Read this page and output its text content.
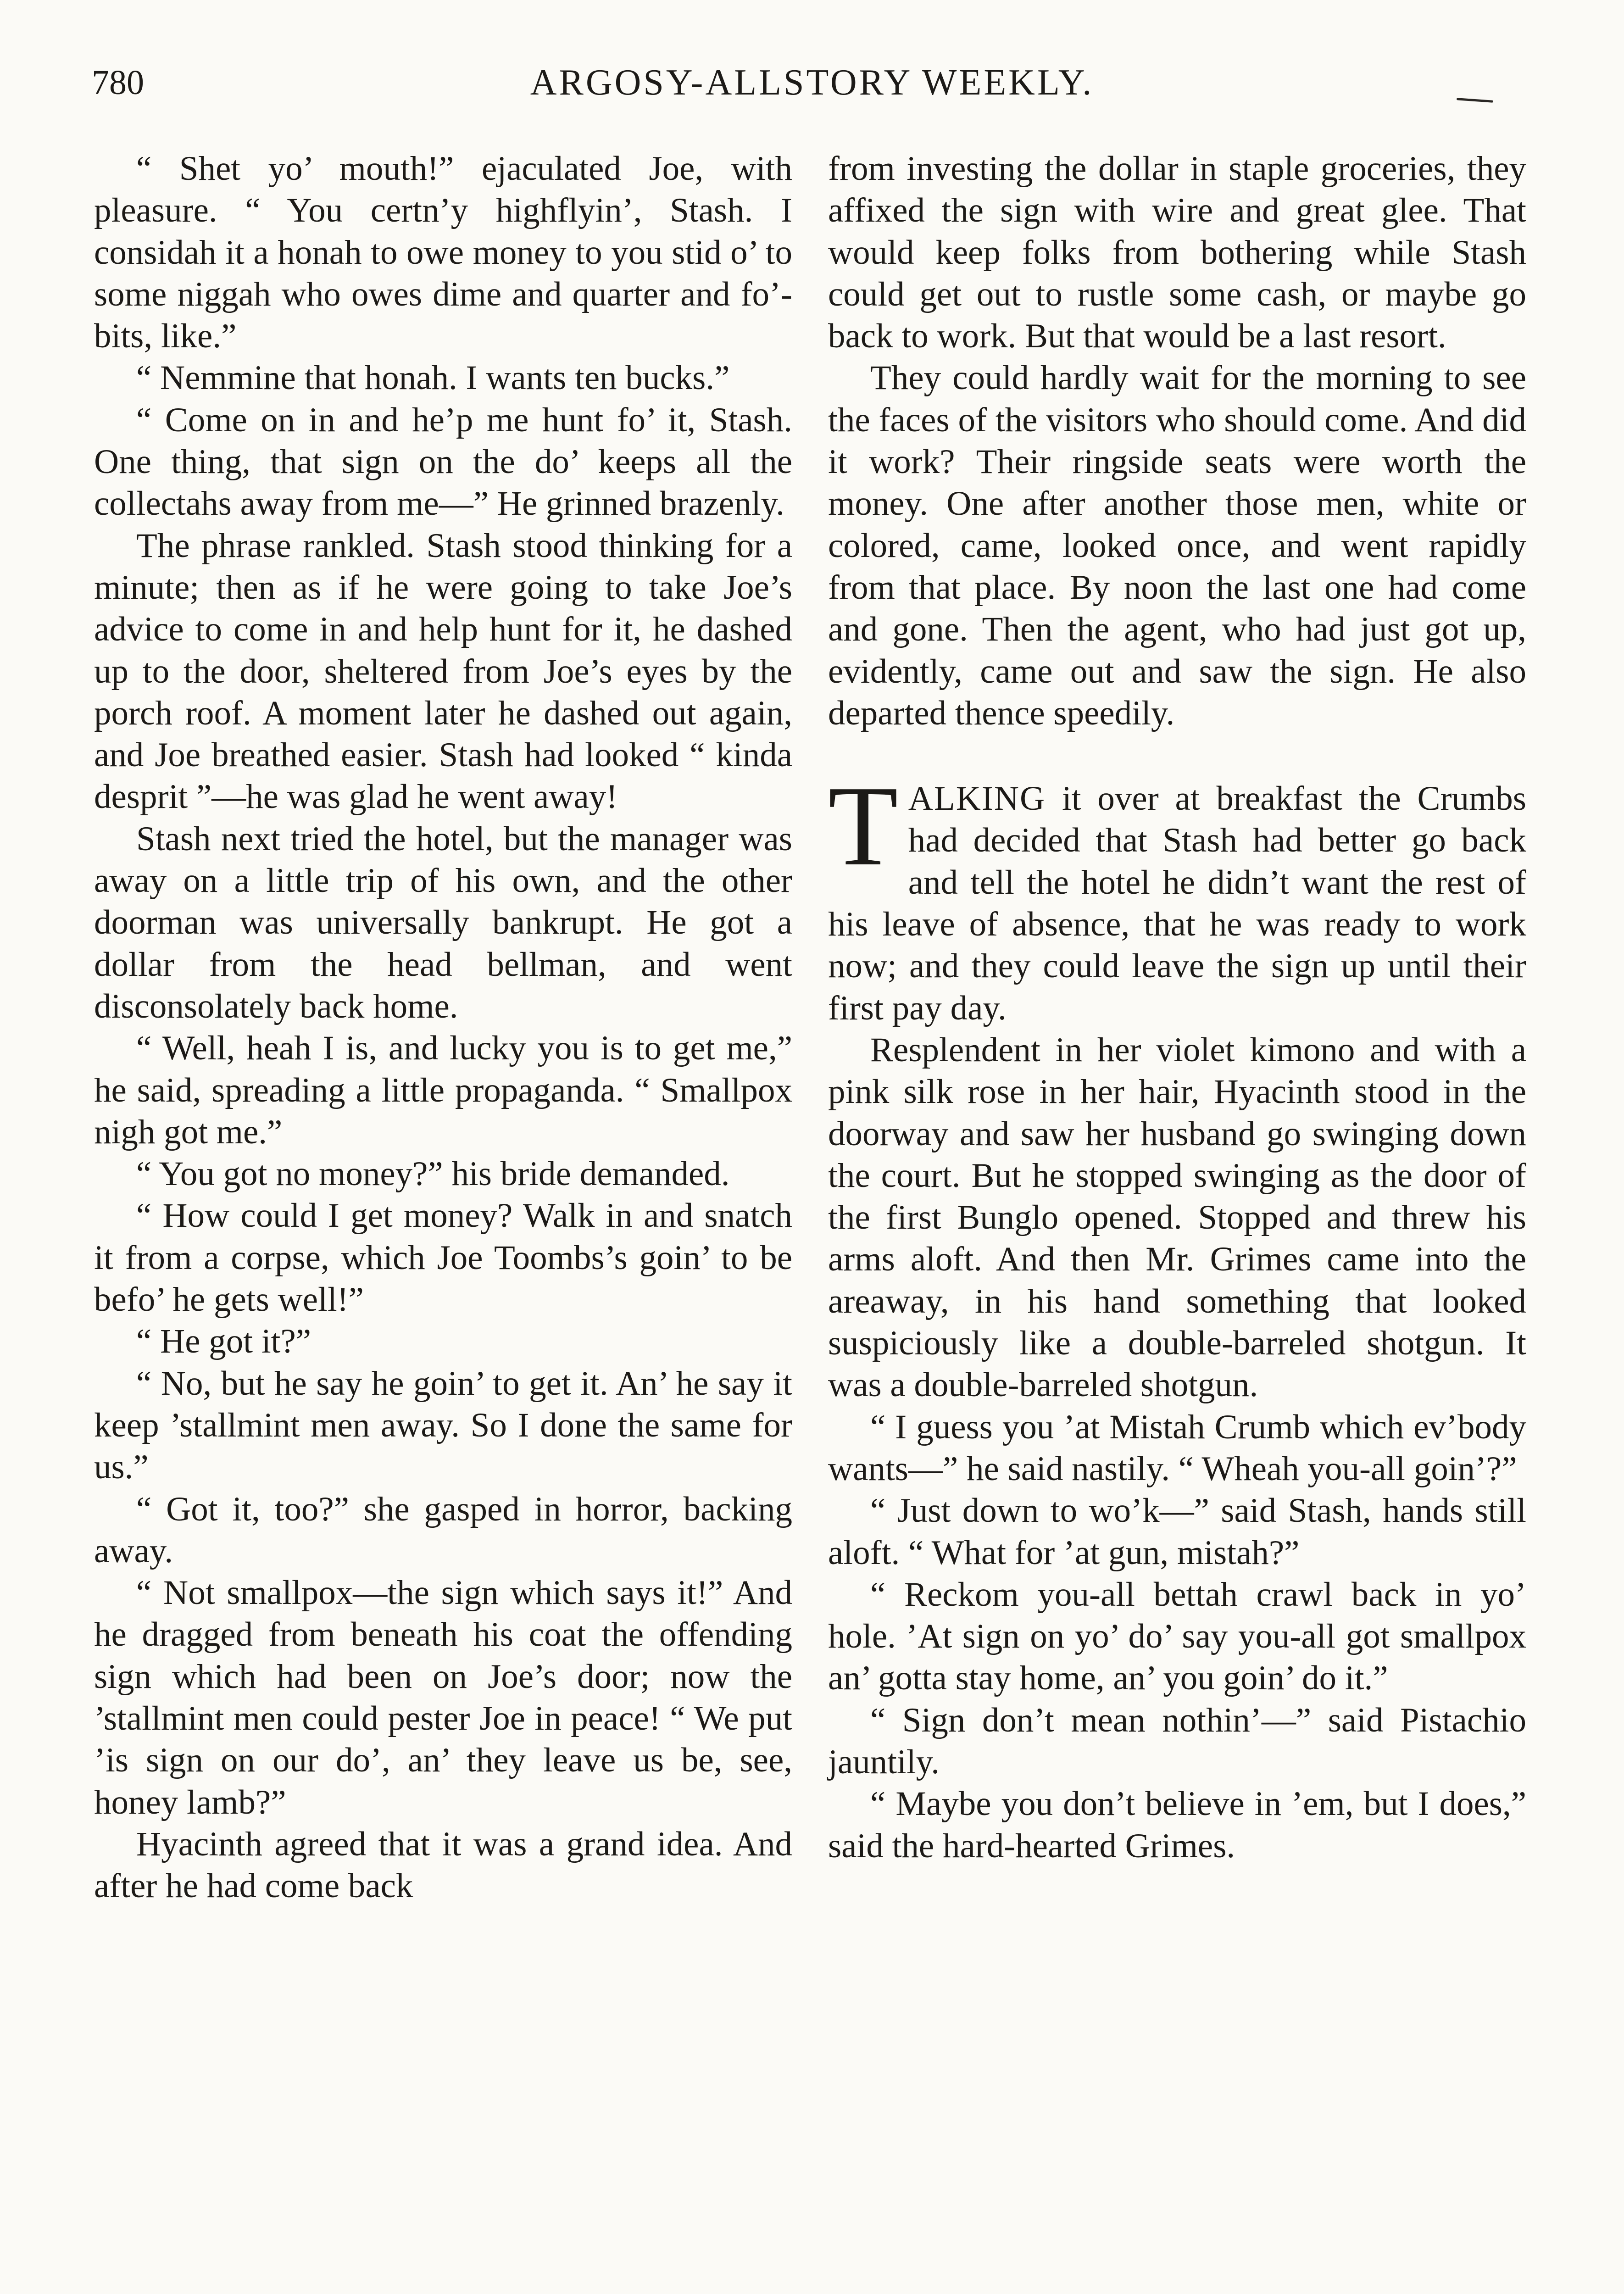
780	ARGOSY-ALLSTORY WEEKLY.

“ Shet yo’ mouth!” ejaculated Joe, with pleasure. “ You certn’y highflyin’, Stash. I considah it a honah to owe money to you stid o’ to some niggah who owes dime and quarter and fo’-bits, like.”

“ Nemmine that honah. I wants ten bucks.”

“ Come on in and he’p me hunt fo’ it, Stash. One thing, that sign on the do’ keeps all the collectahs away from me—” He grinned brazenly.

The phrase rankled. Stash stood thinking for a minute; then as if he were going to take Joe’s advice to come in and help hunt for it, he dashed up to the door, sheltered from Joe’s eyes by the porch roof. A moment later he dashed out again, and Joe breathed easier. Stash had looked “ kinda desprit ”—he was glad he went away!

Stash next tried the hotel, but the manager was away on a little trip of his own, and the other doorman was universally bankrupt. He got a dollar from the head bellman, and went disconsolately back home.

“ Well, heah I is, and lucky you is to get me,” he said, spreading a little propaganda. “ Smallpox nigh got me.”

“ You got no money?” his bride demanded.

“ How could I get money? Walk in and snatch it from a corpse, which Joe Toombs’s goin’ to be befo’ he gets well!”

“ He got it?”

“ No, but he say he goin’ to get it. An’ he say it keep ’stallmint men away. So I done the same for us.”

“ Got it, too?” she gasped in horror, backing away.

“ Not smallpox—the sign which says it!” And he dragged from beneath his coat the offending sign which had been on Joe’s door; now the ’stallmint men could pester Joe in peace! “ We put ’is sign on our do’, an’ they leave us be, see, honey lamb?”

Hyacinth agreed that it was a grand idea. And after he had come back

from investing the dollar in staple groceries, they affixed the sign with wire and great glee. That would keep folks from bothering while Stash could get out to rustle some cash, or maybe go back to work. But that would be a last resort.

They could hardly wait for the morning to see the faces of the visitors who should come. And did it work? Their ringside seats were worth the money. One after another those men, white or colored, came, looked once, and went rapidly from that place. By noon the last one had come and gone. Then the agent, who had just got up, evidently, came out and saw the sign. He also departed thence speedily.

TALKING it over at breakfast the Crumbs had decided that Stash had better go back and tell the hotel he didn’t want the rest of his leave of absence, that he was ready to work now; and they could leave the sign up until their first pay day.

Resplendent in her violet kimono and with a pink silk rose in her hair, Hyacinth stood in the doorway and saw her husband go swinging down the court. But he stopped swinging as the door of the first Bunglo opened. Stopped and threw his arms aloft. And then Mr. Grimes came into the areaway, in his hand something that looked suspiciously like a double-barreled shotgun. It was a double-barreled shotgun.

“ I guess you ’at Mistah Crumb which ev’body wants—” he said nastily. “ Wheah you-all goin’?”

“ Just down to wo’k—” said Stash, hands still aloft. “ What for ’at gun, mistah?”

“ Reckom you-all bettah crawl back in yo’ hole. ’At sign on yo’ do’ say you-all got smallpox an’ gotta stay home, an’ you goin’ do it.”

“ Sign don’t mean nothin’—” said Pistachio jauntily.

“ Maybe you don’t believe in ’em, but I does,” said the hard-hearted Grimes.
